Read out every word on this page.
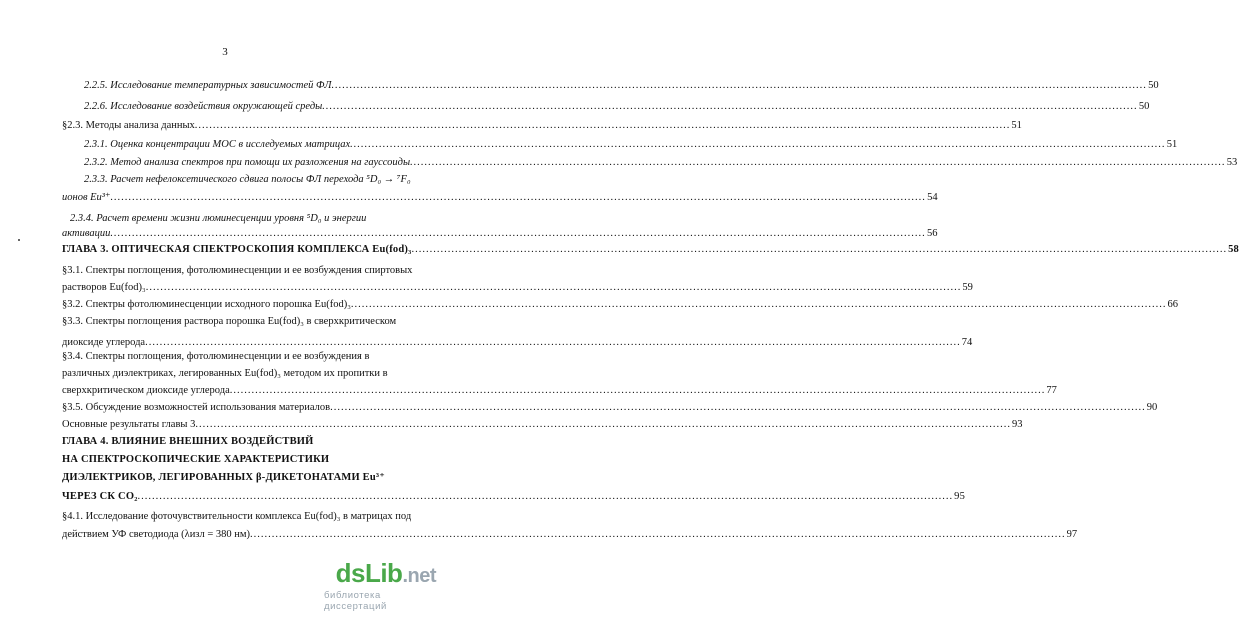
3
2.2.5. Исследование температурных зависимостей ФЛ .....	50
2.2.6. Исследование воздействия окружающей среды .....	50
§2.3. Методы анализа данных .....	51
2.3.1. Оценка концентрации МОС в исследуемых матрицах .....	51
2.3.2. Метод анализа спектров при помощи их разложения на гауссоиды .....	53
2.3.3. Расчет нефелоксетического сдвига полосы ФЛ перехода ⁵D₀ → ⁷F₀
ионов Eu³⁺ .....	54
2.3.4. Расчет времени жизни люминесценции уровня ⁵D₀ и энергии
активации .....	56
ГЛАВА 3. ОПТИЧЕСКАЯ СПЕКТРОСКОПИЯ КОМПЛЕКСА Eu(fod)₃ .....	58
§3.1. Спектры поглощения, фотолюминесценции и ее возбуждения спиртовых
растворов Eu(fod)₃ .....	59
§3.2. Спектры фотолюминесценции исходного порошка Eu(fod)₃ .....	66
§3.3. Спектры поглощения раствора порошка Eu(fod)₃ в сверхкритическом
диоксиде углерода .....	74
§3.4. Спектры поглощения, фотолюминесценции и ее возбуждения в
различных диэлектриках, легированных Eu(fod)₃ методом их пропитки в
сверхкритическом диоксиде углерода .....	77
§3.5. Обсуждение возможностей использования материалов .....	90
Основные результаты главы 3 .....	93
ГЛАВА 4. ВЛИЯНИЕ ВНЕШНИХ ВОЗДЕЙСТВИЙ
НА СПЕКТРОСКОПИЧЕСКИЕ ХАРАКТЕРИСТИКИ
ДИЭЛЕКТРИКОВ, ЛЕГИРОВАННЫХ β-ДИКЕТОНАТАМИ Eu³⁺
ЧЕРЕЗ СК CO₂ .....	95
§4.1. Исследование фоточувствительности комплекса Eu(fod)₃ в матрицах под
действием УФ светодиода (λизл = 380 нм) .....	97
dsLib.net
библиотека диссертаций
